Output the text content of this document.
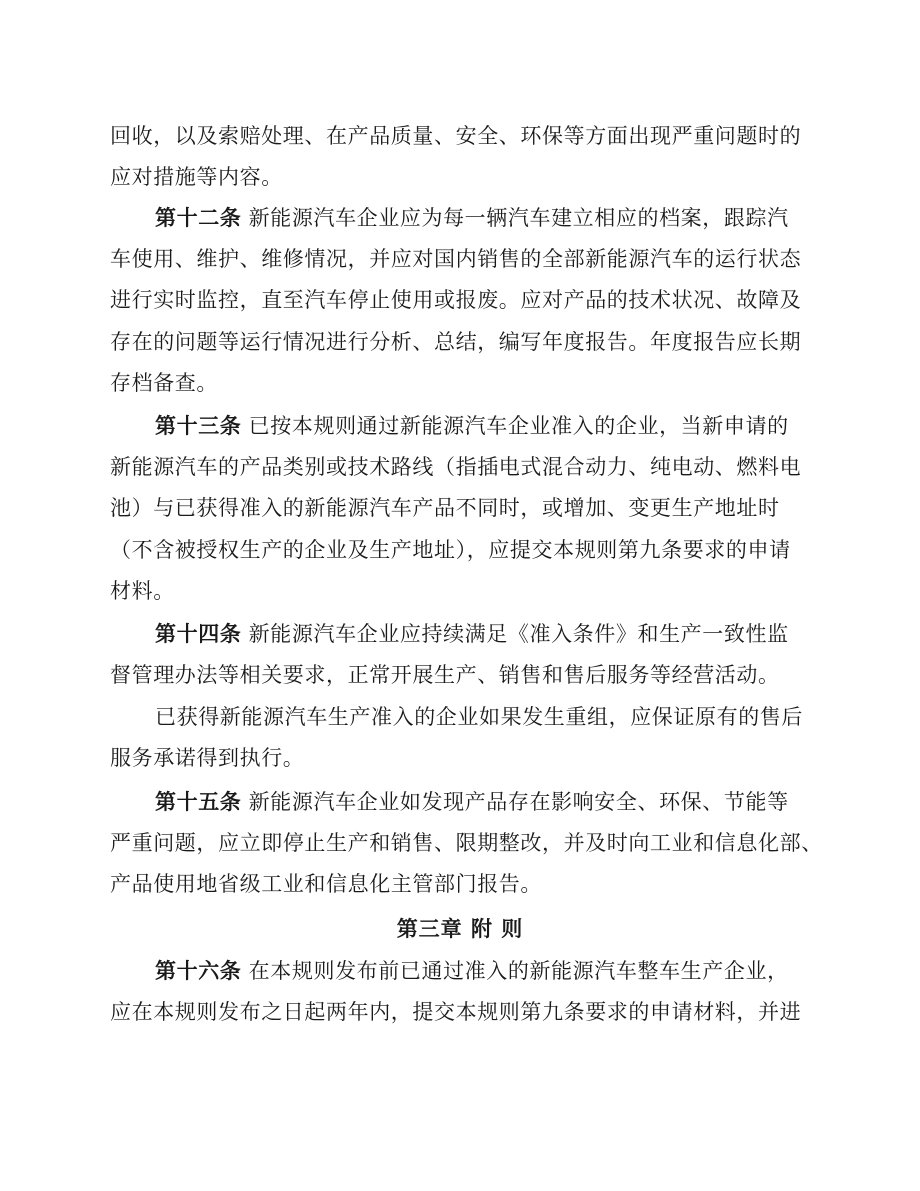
回收，以及索赔处理、在产品质量、安全、环保等方面出现严重问题时的
应对措施等内容。
第十二条 新能源汽车企业应为每一辆汽车建立相应的档案，跟踪汽
车使用、维护、维修情况，并应对国内销售的全部新能源汽车的运行状态
进行实时监控，直至汽车停止使用或报废。应对产品的技术状况、故障及
存在的问题等运行情况进行分析、总结，编写年度报告。年度报告应长期
存档备查。
第十三条 已按本规则通过新能源汽车企业准入的企业，当新申请的
新能源汽车的产品类别或技术路线（指插电式混合动力、纯电动、燃料电
池）与已获得准入的新能源汽车产品不同时，或增加、变更生产地址时
（不含被授权生产的企业及生产地址），应提交本规则第九条要求的申请
材料。
第十四条 新能源汽车企业应持续满足《准入条件》和生产一致性监
督管理办法等相关要求，正常开展生产、销售和售后服务等经营活动。
已获得新能源汽车生产准入的企业如果发生重组，应保证原有的售后
服务承诺得到执行。
第十五条 新能源汽车企业如发现产品存在影响安全、环保、节能等
严重问题，应立即停止生产和销售、限期整改，并及时向工业和信息化部、
产品使用地省级工业和信息化主管部门报告。
第三章 附 则
第十六条 在本规则发布前已通过准入的新能源汽车整车生产企业，
应在本规则发布之日起两年内，提交本规则第九条要求的申请材料，并进
